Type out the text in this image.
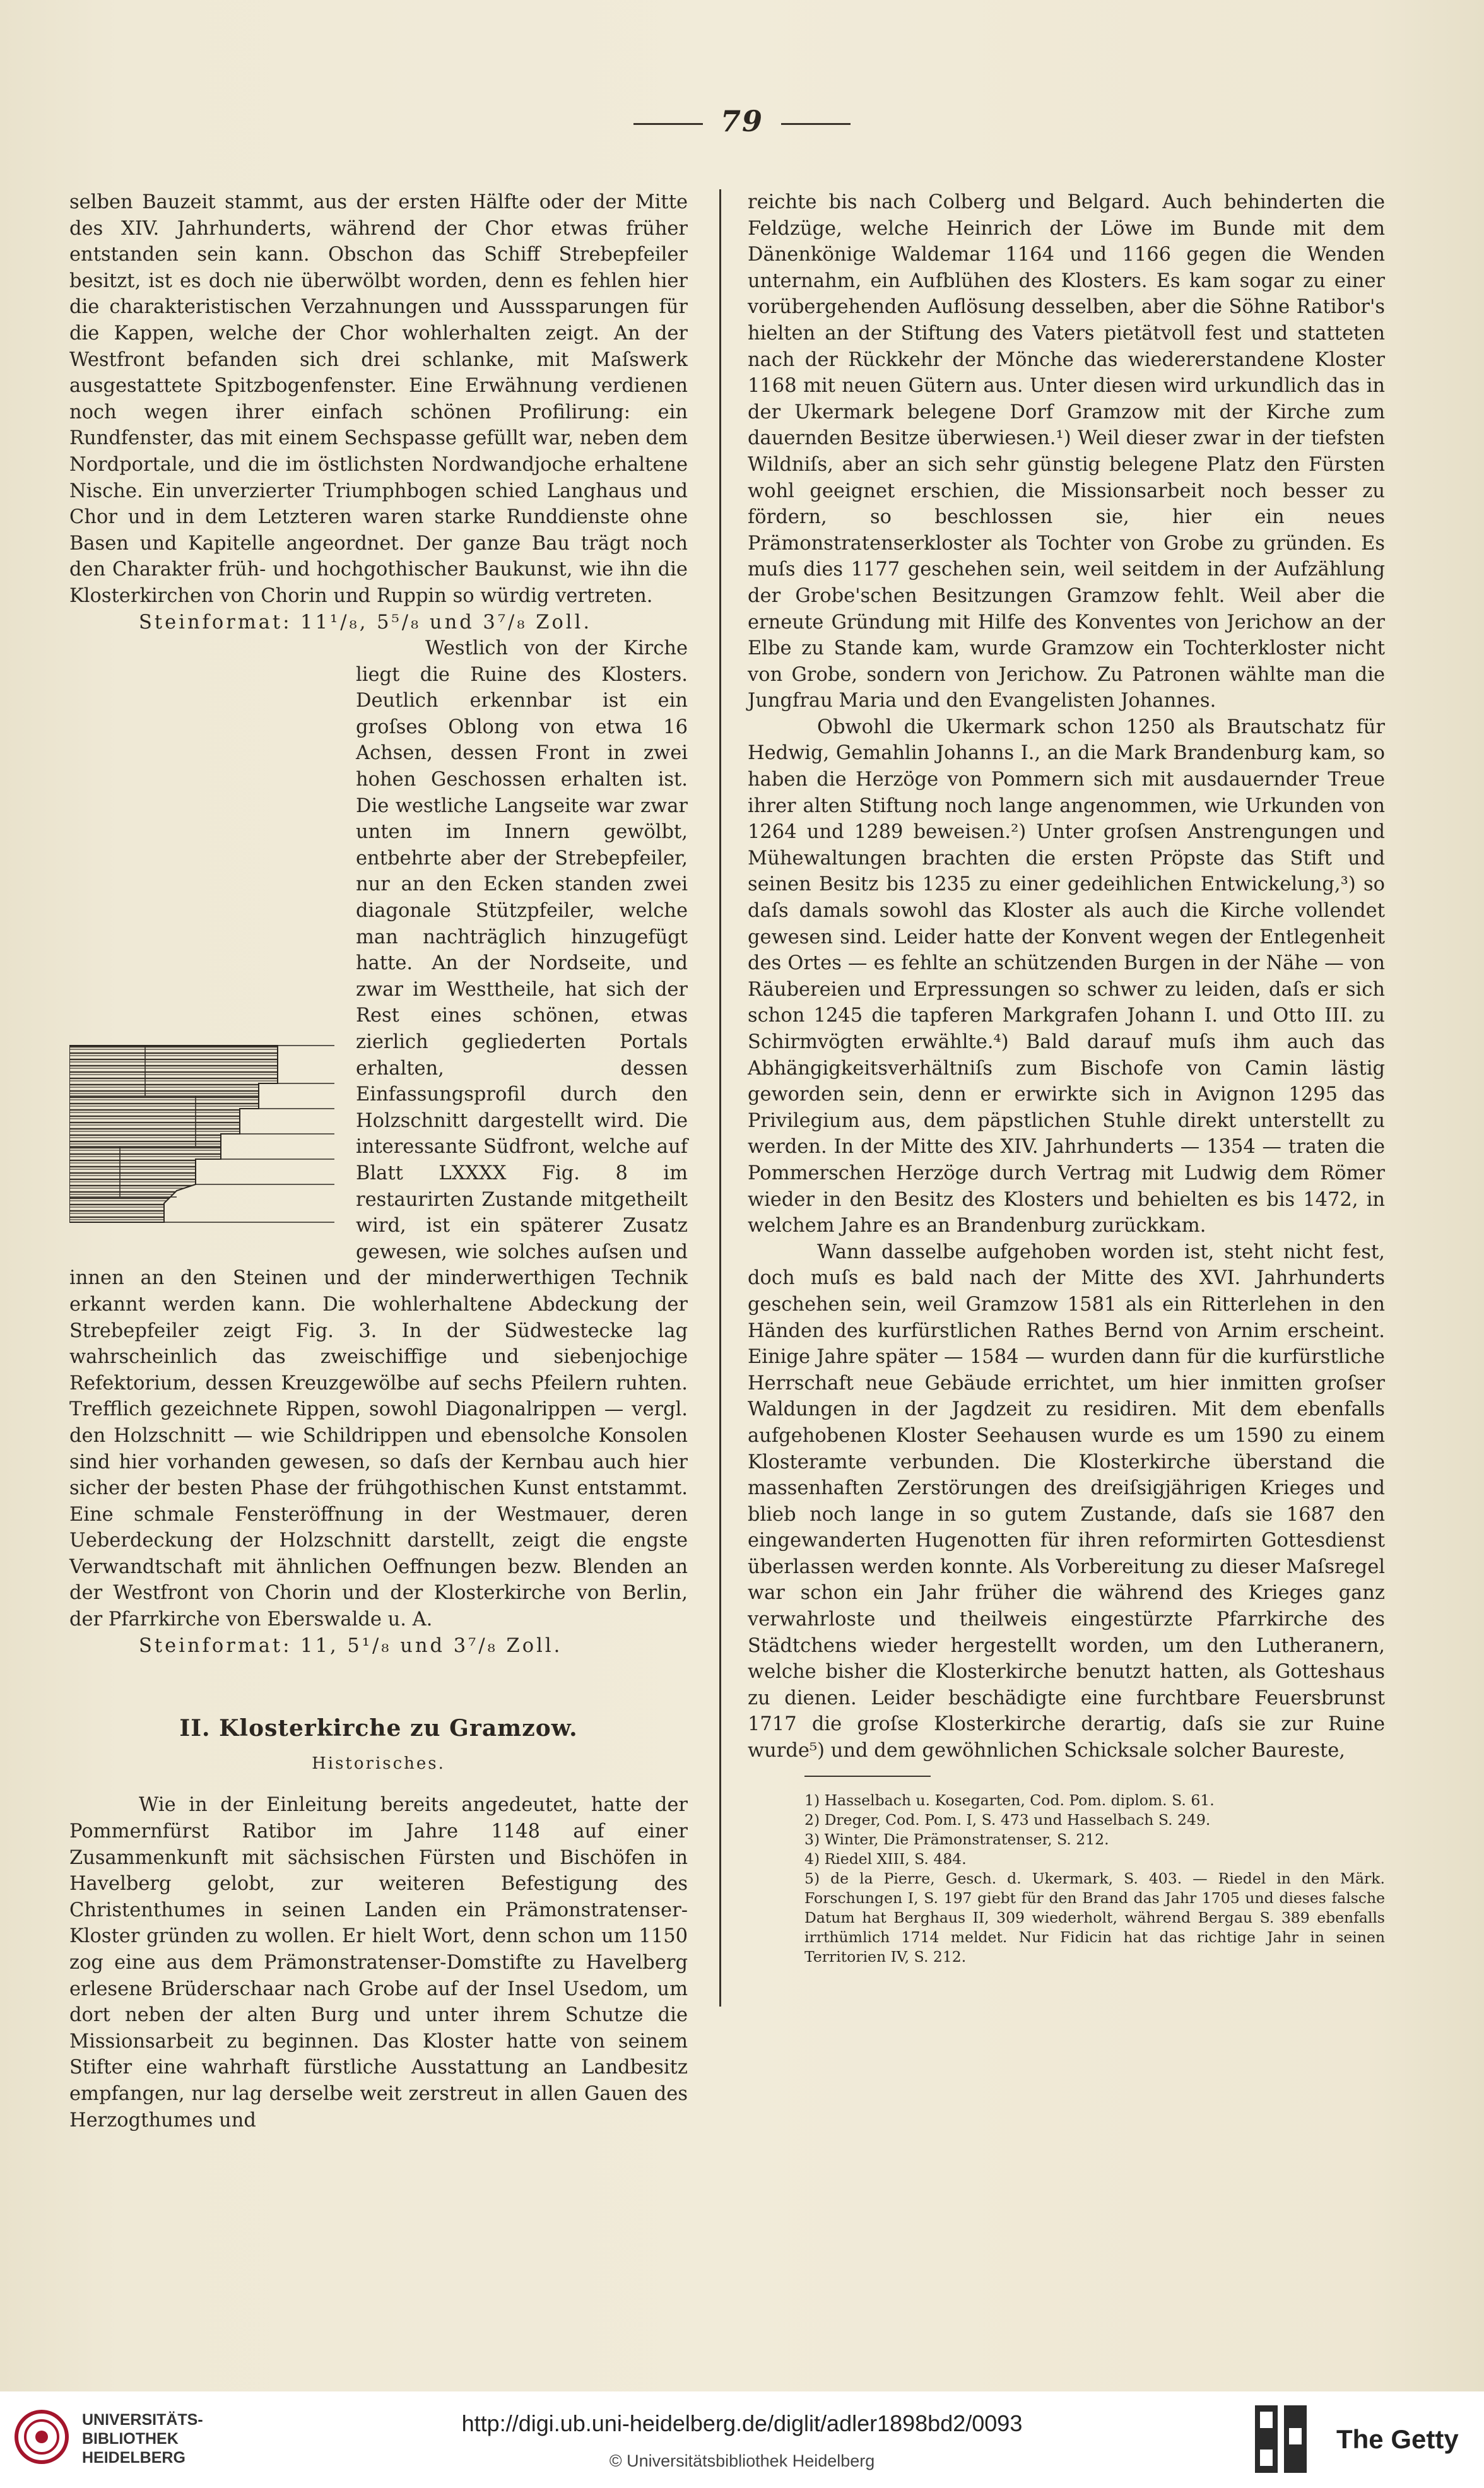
79

selben Bauzeit stammt, aus der ersten Hälfte oder der Mitte des XIV. Jahrhunderts, während der Chor etwas früher entstanden sein kann. Obschon das Schiff Strebepfeiler besitzt, ist es doch nie überwölbt worden, denn es fehlen hier die charakteristischen Verzahnungen und Ausssparungen für die Kappen, welche der Chor wohlerhalten zeigt. An der Westfront befanden sich drei schlanke, mit Maſswerk ausgestattete Spitzbogenfenster. Eine Erwähnung verdienen noch wegen ihrer einfach schönen Profilirung: ein Rundfenster, das mit einem Sechspasse gefüllt war, neben dem Nordportale, und die im östlichsten Nordwandjoche erhaltene Nische. Ein unverzierter Triumphbogen schied Langhaus und Chor und in dem Letzteren waren starke Runddienste ohne Basen und Kapitelle angeordnet. Der ganze Bau trägt noch den Charakter früh- und hochgothischer Baukunst, wie ihn die Klosterkirchen von Chorin und Ruppin so würdig vertreten.

Steinformat: 11¹/₈, 5⁵/₈ und 3⁷/₈ Zoll.

Westlich von der Kirche liegt die Ruine des Klosters. Deutlich erkennbar ist ein groſses Oblong von etwa 16 Achsen, dessen Front in zwei hohen Geschossen erhalten ist. Die westliche Langseite war zwar unten im Innern gewölbt, entbehrte aber der Strebepfeiler, nur an den Ecken standen zwei diagonale Stützpfeiler, welche man nachträglich hinzugefügt hatte. An der Nordseite, und zwar im Westtheile, hat sich der Rest eines schönen, etwas zierlich gegliederten Portals erhalten, dessen Einfassungsprofil durch den Holzschnitt dargestellt wird. Die interessante Südfront, welche auf Blatt LXXXX Fig. 8 im restaurirten Zustande mitgetheilt wird, ist ein späterer Zusatz gewesen, wie solches auſsen und innen an den Steinen und der minderwerthigen Technik erkannt werden kann. Die wohlerhaltene Abdeckung der Strebepfeiler zeigt Fig. 3. In der Südwestecke lag wahrscheinlich das zweischiffige und siebenjochige Refektorium, dessen Kreuzgewölbe auf sechs Pfeilern ruhten. Trefflich gezeichnete Rippen, sowohl Diagonalrippen — vergl. den Holzschnitt — wie Schildrippen und ebensolche Konsolen sind hier vorhanden gewesen, so daſs der Kernbau auch hier sicher der besten Phase der frühgothischen Kunst entstammt. Eine schmale Fensteröffnung in der Westmauer, deren Ueberdeckung der Holzschnitt darstellt, zeigt die engste Verwandtschaft mit ähnlichen Oeffnungen bezw. Blenden an der Westfront von Chorin und der Klosterkirche von Berlin, der Pfarrkirche von Eberswalde u. A.

Steinformat: 11, 5¹/₈ und 3⁷/₈ Zoll.

II. Klosterkirche zu Gramzow.
Historisches.

Wie in der Einleitung bereits angedeutet, hatte der Pommernfürst Ratibor im Jahre 1148 auf einer Zusammenkunft mit sächsischen Fürsten und Bischöfen in Havelberg gelobt, zur weiteren Befestigung des Christenthumes in seinen Landen ein Prämonstratenser-Kloster gründen zu wollen. Er hielt Wort, denn schon um 1150 zog eine aus dem Prämonstratenser-Domstifte zu Havelberg erlesene Brüderschaar nach Grobe auf der Insel Usedom, um dort neben der alten Burg und unter ihrem Schutze die Missionsarbeit zu beginnen. Das Kloster hatte von seinem Stifter eine wahrhaft fürstliche Ausstattung an Landbesitz empfangen, nur lag derselbe weit zerstreut in allen Gauen des Herzogthumes und

reichte bis nach Colberg und Belgard. Auch behinderten die Feldzüge, welche Heinrich der Löwe im Bunde mit dem Dänenkönige Waldemar 1164 und 1166 gegen die Wenden unternahm, ein Aufblühen des Klosters. Es kam sogar zu einer vorübergehenden Auflösung desselben, aber die Söhne Ratibor's hielten an der Stiftung des Vaters pietätvoll fest und statteten nach der Rückkehr der Mönche das wiedererstandene Kloster 1168 mit neuen Gütern aus. Unter diesen wird urkundlich das in der Ukermark belegene Dorf Gramzow mit der Kirche zum dauernden Besitze überwiesen.¹) Weil dieser zwar in der tiefsten Wildniſs, aber an sich sehr günstig belegene Platz den Fürsten wohl geeignet erschien, die Missionsarbeit noch besser zu fördern, so beschlossen sie, hier ein neues Prämonstratenserkloster als Tochter von Grobe zu gründen. Es muſs dies 1177 geschehen sein, weil seitdem in der Aufzählung der Grobe'schen Besitzungen Gramzow fehlt. Weil aber die erneute Gründung mit Hilfe des Konventes von Jerichow an der Elbe zu Stande kam, wurde Gramzow ein Tochterkloster nicht von Grobe, sondern von Jerichow. Zu Patronen wählte man die Jungfrau Maria und den Evangelisten Johannes.

Obwohl die Ukermark schon 1250 als Brautschatz für Hedwig, Gemahlin Johanns I., an die Mark Brandenburg kam, so haben die Herzöge von Pommern sich mit ausdauernder Treue ihrer alten Stiftung noch lange angenommen, wie Urkunden von 1264 und 1289 beweisen.²) Unter groſsen Anstrengungen und Mühewaltungen brachten die ersten Pröpste das Stift und seinen Besitz bis 1235 zu einer gedeihlichen Entwickelung,³) so daſs damals sowohl das Kloster als auch die Kirche vollendet gewesen sind. Leider hatte der Konvent wegen der Entlegenheit des Ortes — es fehlte an schützenden Burgen in der Nähe — von Räubereien und Erpressungen so schwer zu leiden, daſs er sich schon 1245 die tapferen Markgrafen Johann I. und Otto III. zu Schirmvögten erwählte.⁴) Bald darauf muſs ihm auch das Abhängigkeitsverhältniſs zum Bischofe von Camin lästig geworden sein, denn er erwirkte sich in Avignon 1295 das Privilegium aus, dem päpstlichen Stuhle direkt unterstellt zu werden. In der Mitte des XIV. Jahrhunderts — 1354 — traten die Pommerschen Herzöge durch Vertrag mit Ludwig dem Römer wieder in den Besitz des Klosters und behielten es bis 1472, in welchem Jahre es an Brandenburg zurückkam.

Wann dasselbe aufgehoben worden ist, steht nicht fest, doch muſs es bald nach der Mitte des XVI. Jahrhunderts geschehen sein, weil Gramzow 1581 als ein Ritterlehen in den Händen des kurfürstlichen Rathes Bernd von Arnim erscheint. Einige Jahre später — 1584 — wurden dann für die kurfürstliche Herrschaft neue Gebäude errichtet, um hier inmitten groſser Waldungen in der Jagdzeit zu residiren. Mit dem ebenfalls aufgehobenen Kloster Seehausen wurde es um 1590 zu einem Klosteramte verbunden. Die Klosterkirche überstand die massenhaften Zerstörungen des dreiſsigjährigen Krieges und blieb noch lange in so gutem Zustande, daſs sie 1687 den eingewanderten Hugenotten für ihren reformirten Gottesdienst überlassen werden konnte. Als Vorbereitung zu dieser Maſsregel war schon ein Jahr früher die während des Krieges ganz verwahrloste und theilweis eingestürzte Pfarrkirche des Städtchens wieder hergestellt worden, um den Lutheranern, welche bisher die Klosterkirche benutzt hatten, als Gotteshaus zu dienen. Leider beschädigte eine furchtbare Feuersbrunst 1717 die groſse Klosterkirche derartig, daſs sie zur Ruine wurde⁵) und dem gewöhnlichen Schicksale solcher Baureste,

1) Hasselbach u. Kosegarten, Cod. Pom. diplom. S. 61.

2) Dreger, Cod. Pom. I, S. 473 und Hasselbach S. 249.

3) Winter, Die Prämonstratenser, S. 212.

4) Riedel XIII, S. 484.

5) de la Pierre, Gesch. d. Ukermark, S. 403. — Riedel in den Märk. Forschungen I, S. 197 giebt für den Brand das Jahr 1705 und dieses falsche Datum hat Berghaus II, 309 wiederholt, während Bergau S. 389 ebenfalls irrthümlich 1714 meldet. Nur Fidicin hat das richtige Jahr in seinen Territorien IV, S. 212.

UNIVERSITÄTS-
BIBLIOTHEK
HEIDELBERG
http://digi.ub.uni-heidelberg.de/diglit/adler1898bd2/0093
© Universitätsbibliothek Heidelberg
The Getty
